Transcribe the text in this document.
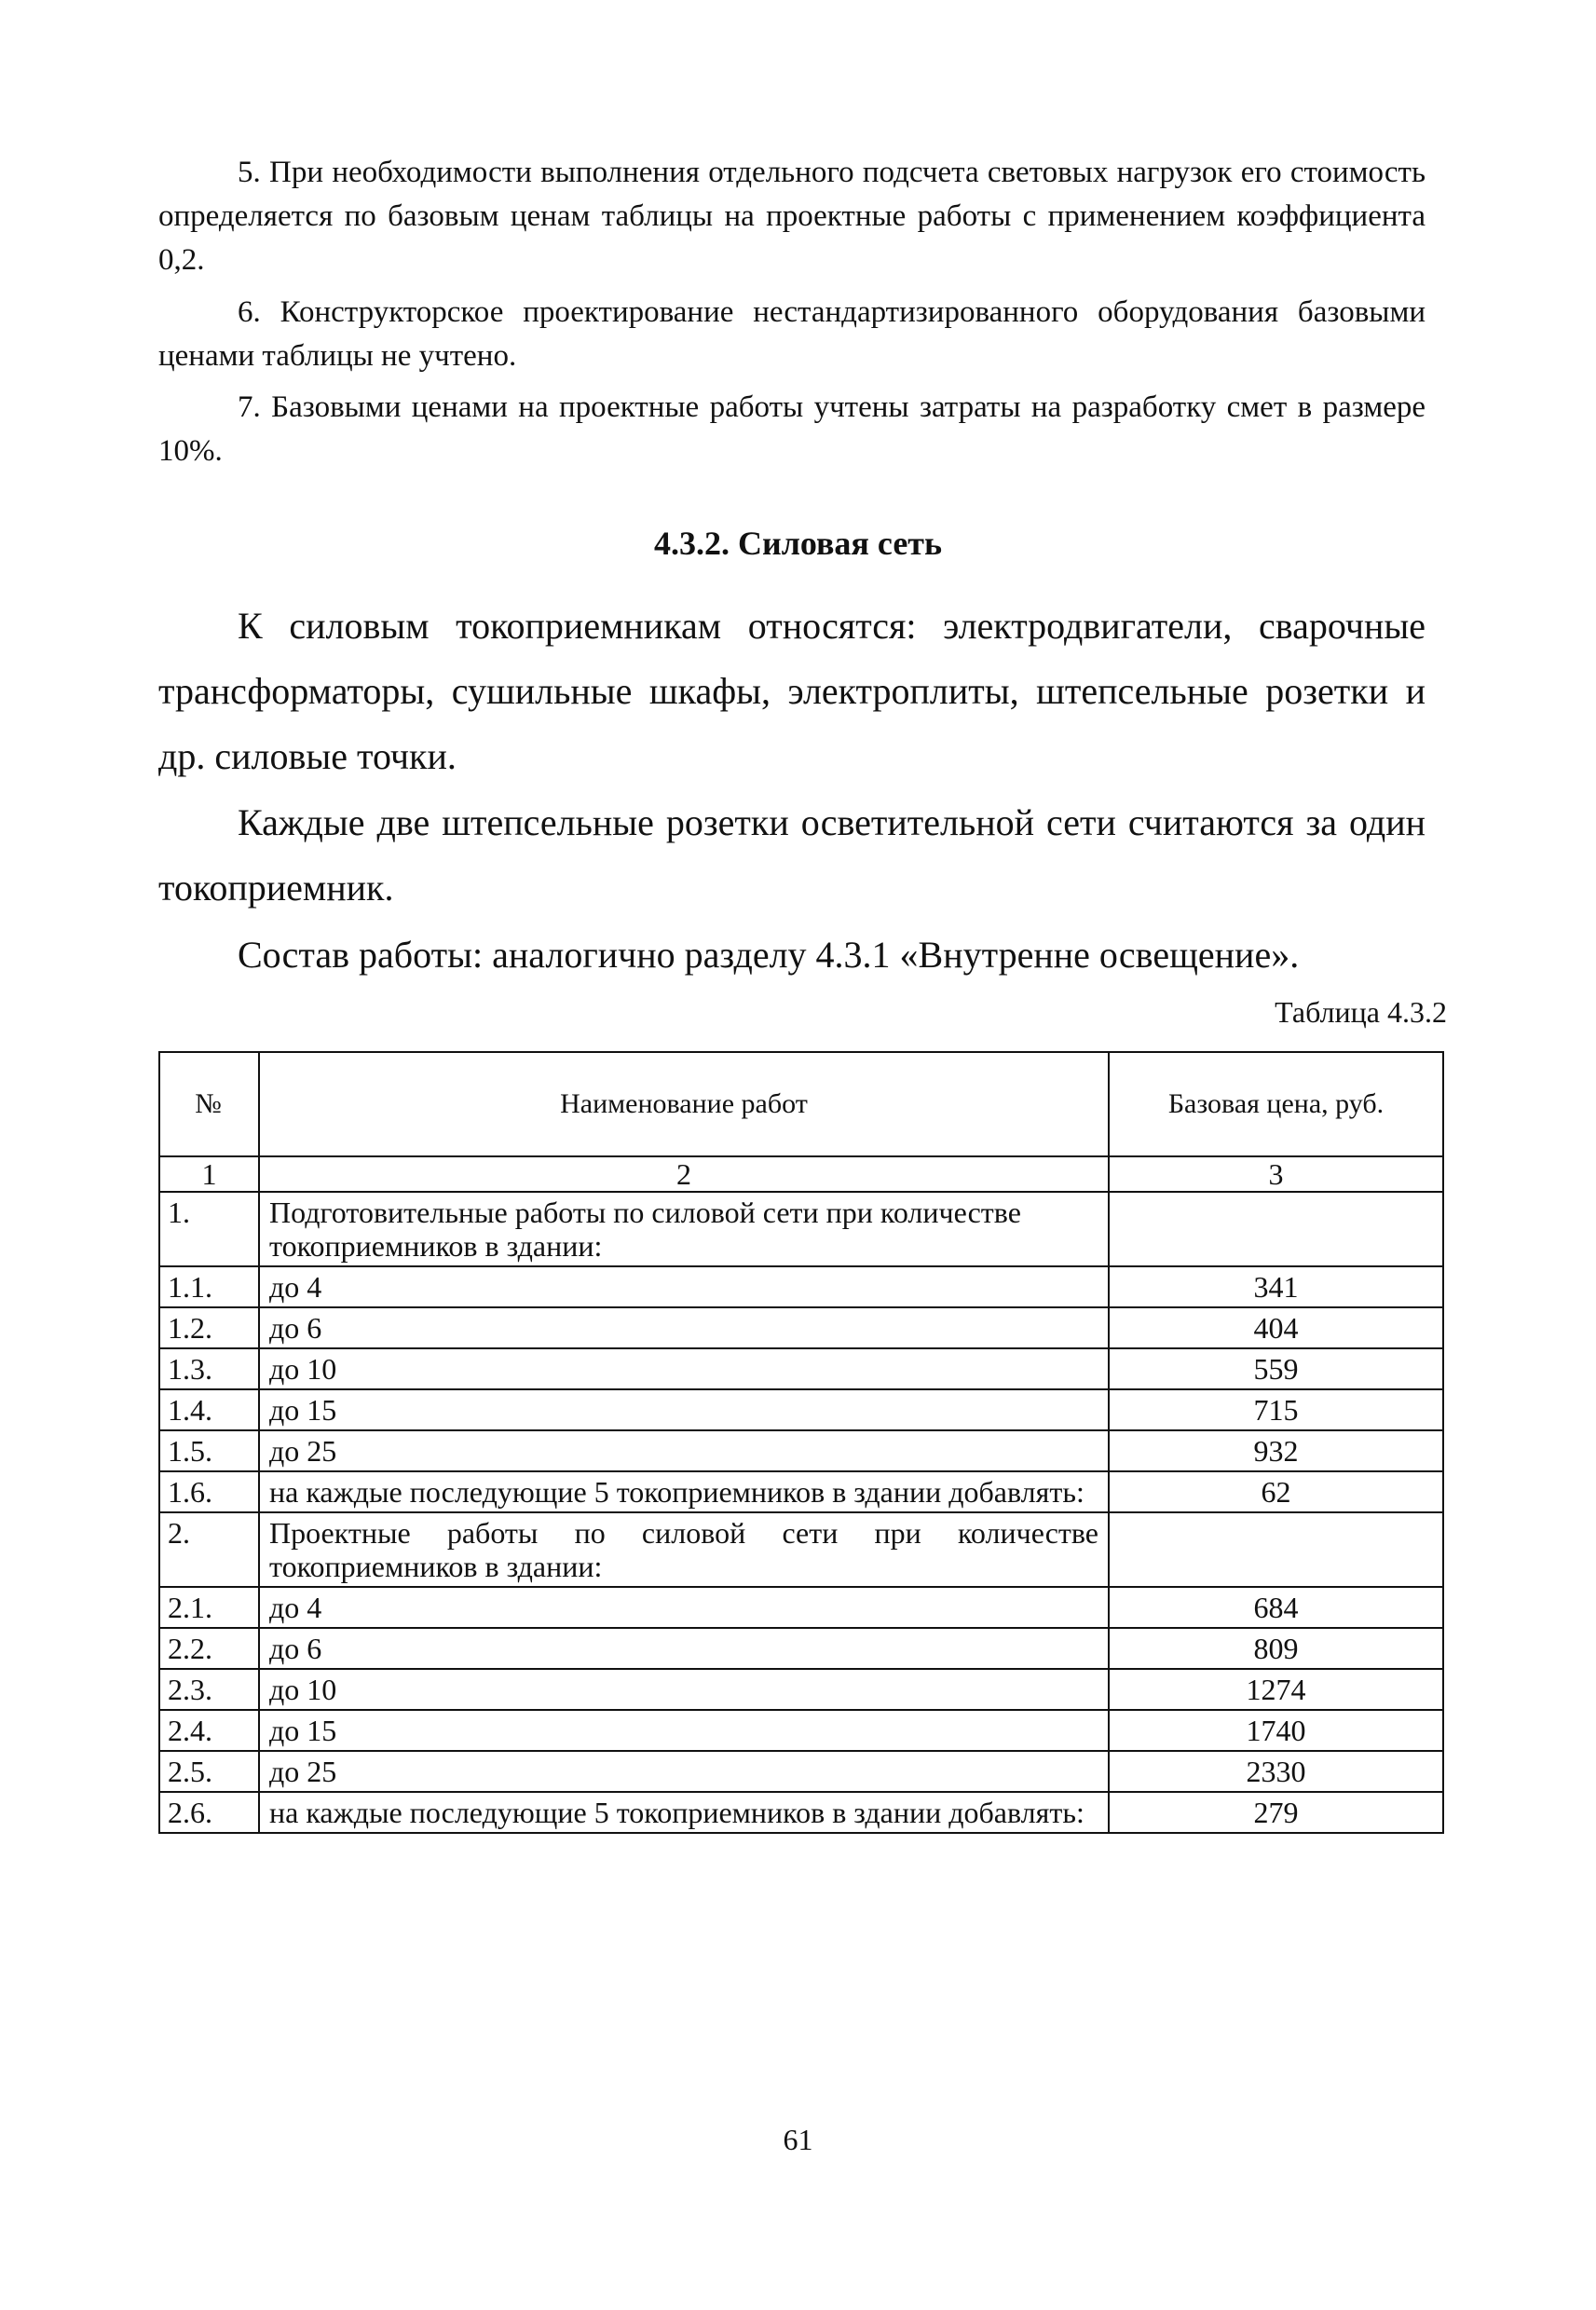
5. При необходимости выполнения отдельного подсчета световых нагрузок его стоимость определяется по базовым ценам таблицы на проектные работы с применением коэффициента 0,2.

6. Конструкторское проектирование нестандартизированного оборудования базовыми ценами таблицы не учтено.

7. Базовыми ценами на проектные работы учтены затраты на разработку смет в размере 10%.

4.3.2. Силовая сеть

К силовым токоприемникам относятся: электродвигатели, сварочные трансформаторы, сушильные шкафы, электроплиты, штепсельные розетки и др. силовые точки.

Каждые две штепсельные розетки осветительной сети считаются за один токоприемник.

Состав работы: аналогично разделу 4.3.1 «Внутренне освещение».

Таблица 4.3.2

№	Наименование работ	Базовая цена, руб.
1	2	3
1.	Подготовительные работы по силовой сети при количестве токоприемников в здании:	
1.1.	до 4	341
1.2.	до 6	404
1.3.	до 10	559
1.4.	до 15	715
1.5.	до 25	932
1.6.	на каждые последующие 5 токоприемников в здании добавлять:	62
2.	Проектные работы по силовой сети при количестве токоприемников в здании:	
2.1.	до 4	684
2.2.	до 6	809
2.3.	до 10	1274
2.4.	до 15	1740
2.5.	до 25	2330
2.6.	на каждые последующие 5 токоприемников в здании добавлять:	279

61
